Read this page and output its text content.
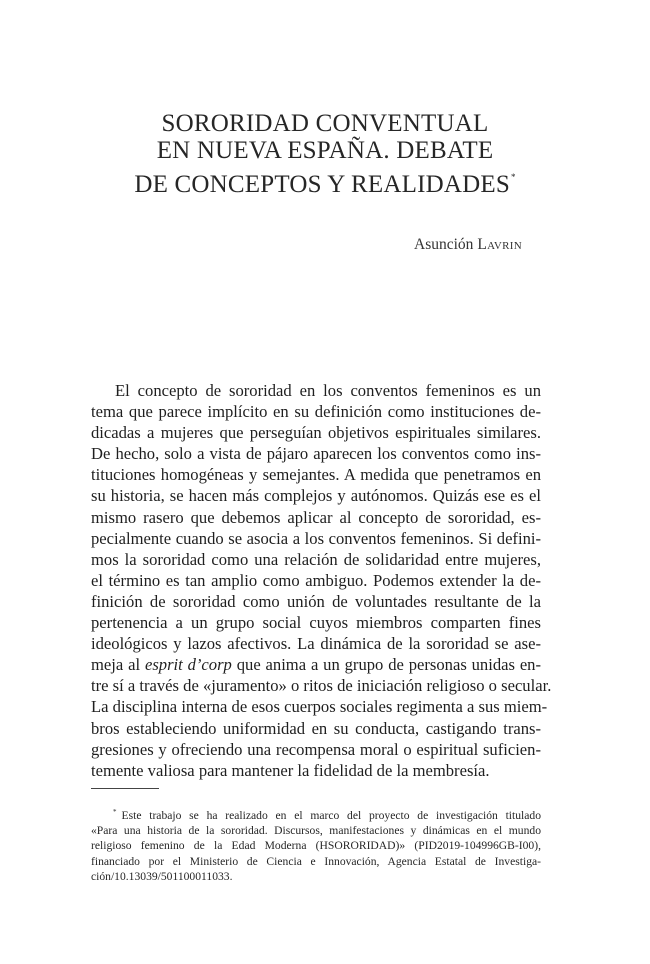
SORORIDAD CONVENTUAL
EN NUEVA ESPAÑA. DEBATE
DE CONCEPTOS Y REALIDADES*
Asunción Lavrin
El concepto de sororidad en los conventos femeninos es un
tema que parece implícito en su definición como instituciones de-
dicadas a mujeres que perseguían objetivos espirituales similares.
De hecho, solo a vista de pájaro aparecen los conventos como ins-
tituciones homogéneas y semejantes. A medida que penetramos en
su historia, se hacen más complejos y autónomos. Quizás ese es el
mismo rasero que debemos aplicar al concepto de sororidad, es-
pecialmente cuando se asocia a los conventos femeninos. Si defini-
mos la sororidad como una relación de solidaridad entre mujeres,
el término es tan amplio como ambiguo. Podemos extender la de-
finición de sororidad como unión de voluntades resultante de la
pertenencia a un grupo social cuyos miembros comparten fines
ideológicos y lazos afectivos. La dinámica de la sororidad se ase-
meja al esprit d’corp que anima a un grupo de personas unidas en-
tre sí a través de «juramento» o ritos de iniciación religioso o secular.
La disciplina interna de esos cuerpos sociales regimenta a sus miem-
bros estableciendo uniformidad en su conducta, castigando trans-
gresiones y ofreciendo una recompensa moral o espiritual suficien-
temente valiosa para mantener la fidelidad de la membresía.
* Este trabajo se ha realizado en el marco del proyecto de investigación titulado
«Para una historia de la sororidad. Discursos, manifestaciones y dinámicas en el mundo
religioso femenino de la Edad Moderna (HSORORIDAD)» (PID2019-104996GB-I00),
financiado por el Ministerio de Ciencia e Innovación, Agencia Estatal de Investiga-
ción/10.13039/501100011033.
